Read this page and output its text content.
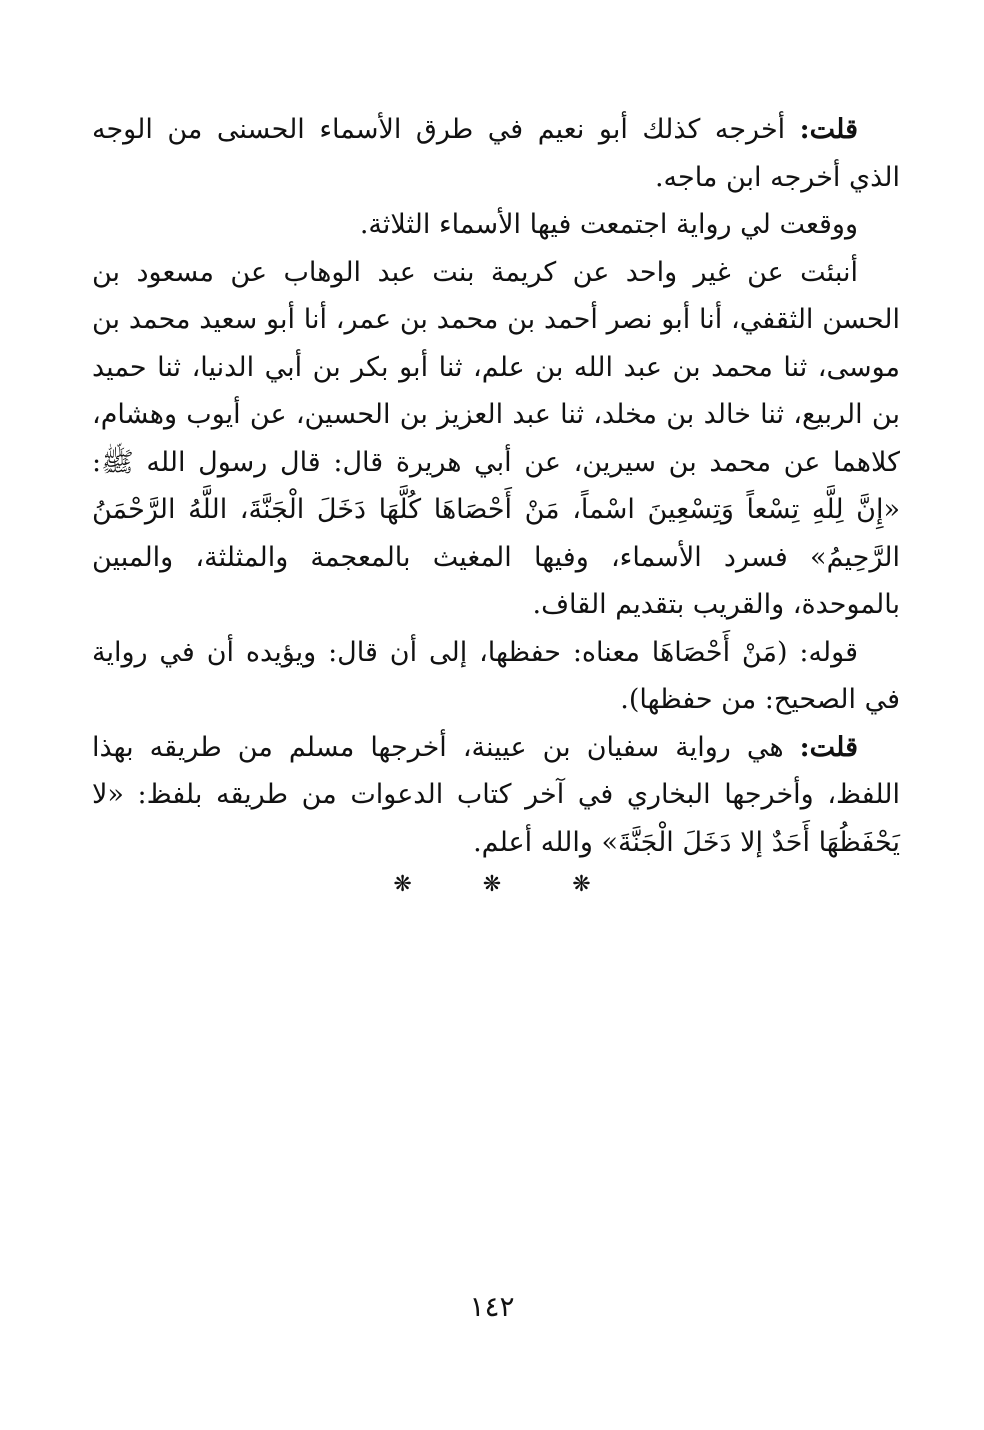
قلت: أخرجه كذلك أبو نعيم في طرق الأسماء الحسنى من الوجه الذي أخرجه ابن ماجه.

ووقعت لي رواية اجتمعت فيها الأسماء الثلاثة.

أنبئت عن غير واحد عن كريمة بنت عبد الوهاب عن مسعود بن الحسن الثقفي، أنا أبو نصر أحمد بن محمد بن عمر، أنا أبو سعيد محمد بن موسى، ثنا محمد بن عبد الله بن علم، ثنا أبو بكر بن أبي الدنيا، ثنا حميد بن الربيع، ثنا خالد بن مخلد، ثنا عبد العزيز بن الحسين، عن أيوب وهشام، كلاهما عن محمد بن سيرين، عن أبي هريرة قال: قال رسول الله ﷺ: «إِنَّ لِلَّهِ تِسْعاً وَتِسْعِينَ اسْماً، مَنْ أَحْصَاهَا كُلَّهَا دَخَلَ الْجَنَّةَ، اللَّهُ الرَّحْمَنُ الرَّحِيمُ» فسرد الأسماء، وفيها المغيث بالمعجمة والمثلثة، والمبين بالموحدة، والقريب بتقديم القاف.

قوله: (مَنْ أَحْصَاهَا معناه: حفظها، إلى أن قال: ويؤيده أن في رواية في الصحيح: من حفظها).

قلت: هي رواية سفيان بن عيينة، أخرجها مسلم من طريقه بهذا اللفظ، وأخرجها البخاري في آخر كتاب الدعوات من طريقه بلفظ: «لا يَحْفَظُهَا أَحَدٌ إلا دَخَلَ الْجَنَّةَ» والله أعلم.

❋	❋	❋
١٤٢
